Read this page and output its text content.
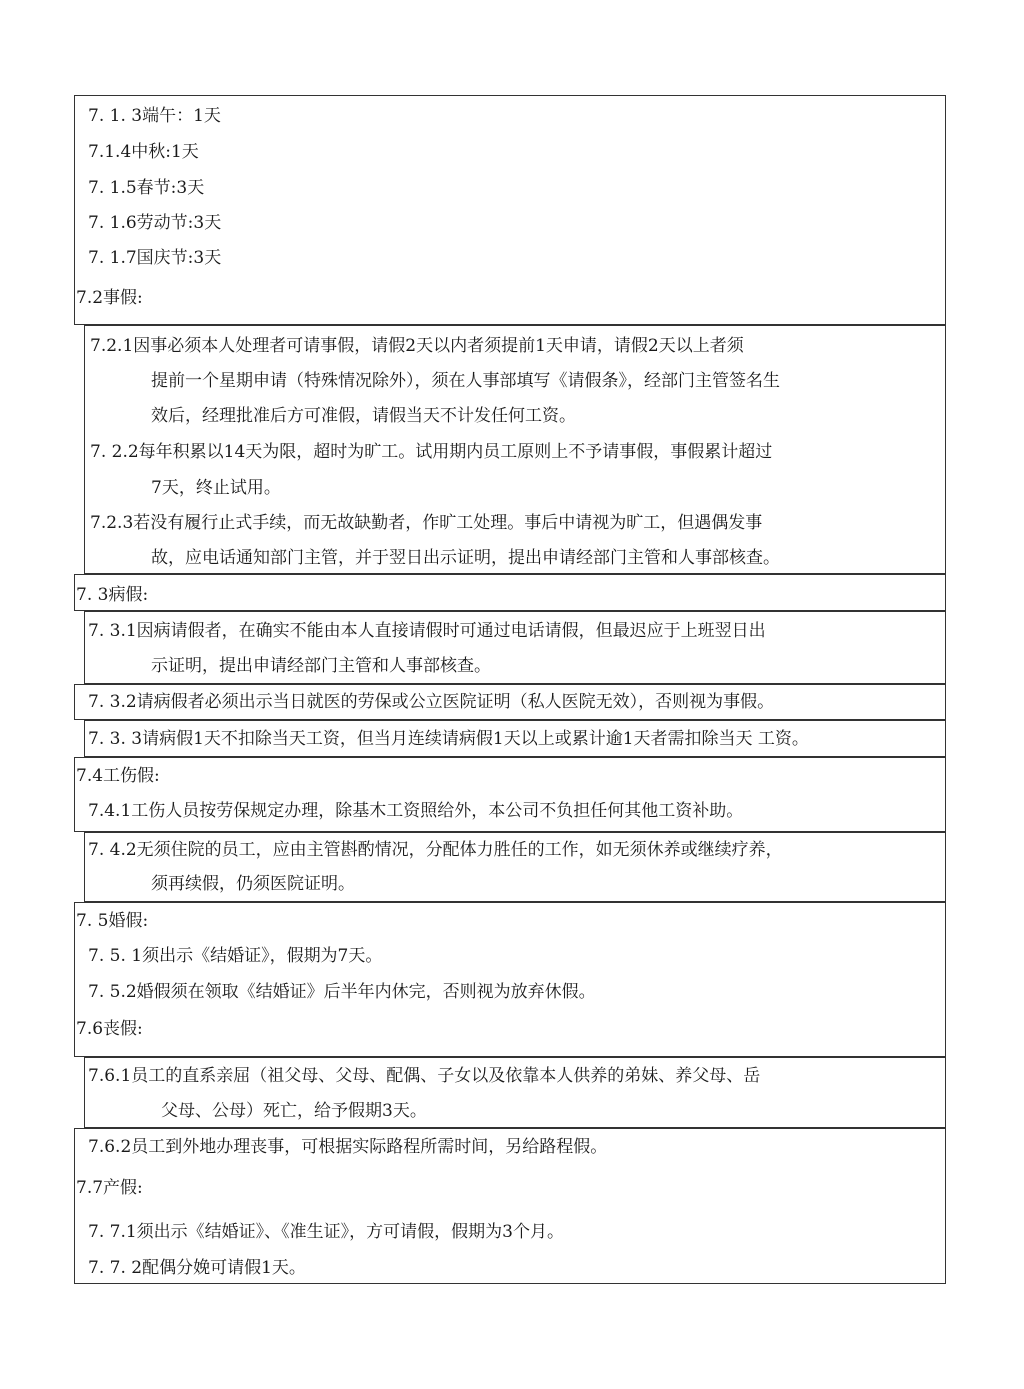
7. 1. 3端午：1天
7.1.4中秋:1天
7. 1.5春节:3天
7. 1.6劳动节:3天
7. 1.7国庆节:3天
7.2事假:
7.2.1因事必须本人处理者可请事假，请假2天以内者须提前1天申请，请假2天以上者须
提前一个星期申请（特殊情况除外），须在人事部填写《请假条》，经部门主管签名生
效后，经理批准后方可准假，请假当天不计发任何工资。
7. 2.2每年积累以14天为限，超时为旷工。试用期内员工原则上不予请事假，事假累计超过
7天，终止试用。
7.2.3若没有履行止式手续，而无故缺勤者，作旷工处理。事后中请视为旷工，但遇偶发事
故，应电话通知部门主管，并于翌日出示证明，提出申请经部门主管和人事部核查。
7. 3病假:
7. 3.1因病请假者，在确实不能由本人直接请假时可通过电话请假，但最迟应于上班翌日出
示证明，提出申请经部门主管和人事部核查。
7. 3.2请病假者必须出示当日就医的劳保或公立医院证明（私人医院无效），否则视为事假。
7. 3. 3请病假1天不扣除当天工资，但当月连续请病假1天以上或累计逾1天者需扣除当天 工资。
7.4工伤假:
7.4.1工伤人员按劳保规定办理，除基木工资照给外，本公司不负担任何其他工资补助。
7. 4.2无须住院的员工，应由主管斟酌情况，分配体力胜任的工作，如无须休养或继续疗养，
须再续假，仍须医院证明。
7. 5婚假:
7. 5. 1须出示《结婚证》，假期为7天。
7. 5.2婚假须在领取《结婚证》后半年内休完，否则视为放弃休假。
7.6丧假:
7.6.1员工的直系亲屈（祖父母、父母、配偶、子女以及依靠本人供养的弟妹、养父母、岳
父母、公母）死亡，给予假期3天。
7.6.2员工到外地办理丧事，可根据实际路程所需时间，另给路程假。
7.7产假:
7. 7.1须出示《结婚证》、《准生证》，方可请假，假期为3个月。
7. 7. 2配偶分娩可请假1天。
